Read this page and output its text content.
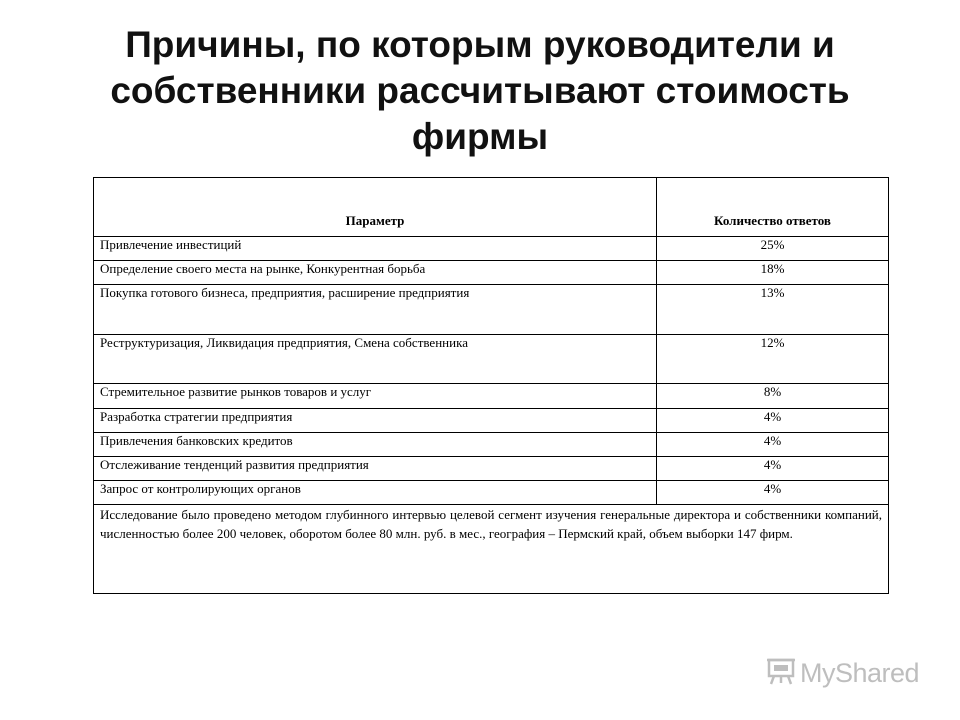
Причины, по которым руководители и
собственники рассчитывают стоимость
фирмы
Параметр	Количество ответов
Привлечение инвестиций	25%
Определение своего места на рынке, Конкурентная борьба	18%
Покупка готового бизнеса, предприятия, расширение предприятия	13%
Реструктуризация, Ликвидация предприятия, Смена собственника	12%
Стремительное развитие рынков товаров и услуг	8%
Разработка стратегии предприятия	4%
Привлечения банковских кредитов	4%
Отслеживание тенденций развития предприятия	4%
Запрос от контролирующих органов	4%
Исследование было проведено методом глубинного интервью целевой сегмент изучения генеральные директора и собственники компаний, численностью более 200 человек, оборотом более 80 млн. руб. в мес., география – Пермский край, объем выборки 147 фирм.	
MyShared
